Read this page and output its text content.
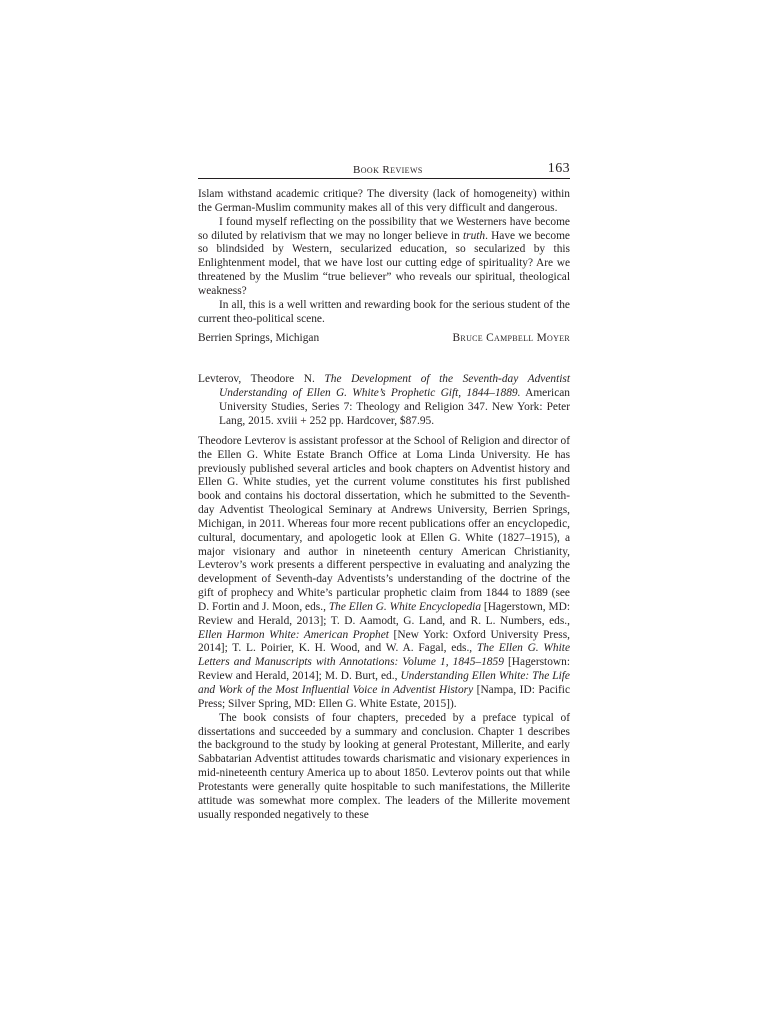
Book Reviews	163

Islam withstand academic critique? The diversity (lack of homogeneity) within the German-Muslim community makes all of this very difficult and dangerous.

I found myself reflecting on the possibility that we Westerners have become so diluted by relativism that we may no longer believe in truth. Have we become so blindsided by Western, secularized education, so secularized by this Enlightenment model, that we have lost our cutting edge of spirituality? Are we threatened by the Muslim “true believer” who reveals our spiritual, theological weakness?

In all, this is a well written and rewarding book for the serious student of the current theo-political scene.

Berrien Springs, Michigan	Bruce Campbell Moyer

Levterov, Theodore N. The Development of the Seventh-day Adventist Understanding of Ellen G. White’s Prophetic Gift, 1844–1889. American University Studies, Series 7: Theology and Religion 347. New York: Peter Lang, 2015. xviii + 252 pp. Hardcover, $87.95.

Theodore Levterov is assistant professor at the School of Religion and director of the Ellen G. White Estate Branch Office at Loma Linda University. He has previously published several articles and book chapters on Adventist history and Ellen G. White studies, yet the current volume constitutes his first published book and contains his doctoral dissertation, which he submitted to the Seventh-day Adventist Theological Seminary at Andrews University, Berrien Springs, Michigan, in 2011. Whereas four more recent publications offer an encyclopedic, cultural, documentary, and apologetic look at Ellen G. White (1827–1915), a major visionary and author in nineteenth century American Christianity, Levterov’s work presents a different perspective in evaluating and analyzing the development of Seventh-day Adventists’s understanding of the doctrine of the gift of prophecy and White’s particular prophetic claim from 1844 to 1889 (see D. Fortin and J. Moon, eds., The Ellen G. White Encyclopedia [Hagerstown, MD: Review and Herald, 2013]; T. D. Aamodt, G. Land, and R. L. Numbers, eds., Ellen Harmon White: American Prophet [New York: Oxford University Press, 2014]; T. L. Poirier, K. H. Wood, and W. A. Fagal, eds., The Ellen G. White Letters and Manuscripts with Annotations: Volume 1, 1845–1859 [Hagerstown: Review and Herald, 2014]; M. D. Burt, ed., Understanding Ellen White: The Life and Work of the Most Influential Voice in Adventist History [Nampa, ID: Pacific Press; Silver Spring, MD: Ellen G. White Estate, 2015]).

The book consists of four chapters, preceded by a preface typical of dissertations and succeeded by a summary and conclusion. Chapter 1 describes the background to the study by looking at general Protestant, Millerite, and early Sabbatarian Adventist attitudes towards charismatic and visionary experiences in mid-nineteenth century America up to about 1850. Levterov points out that while Protestants were generally quite hospitable to such manifestations, the Millerite attitude was somewhat more complex. The leaders of the Millerite movement usually responded negatively to these
